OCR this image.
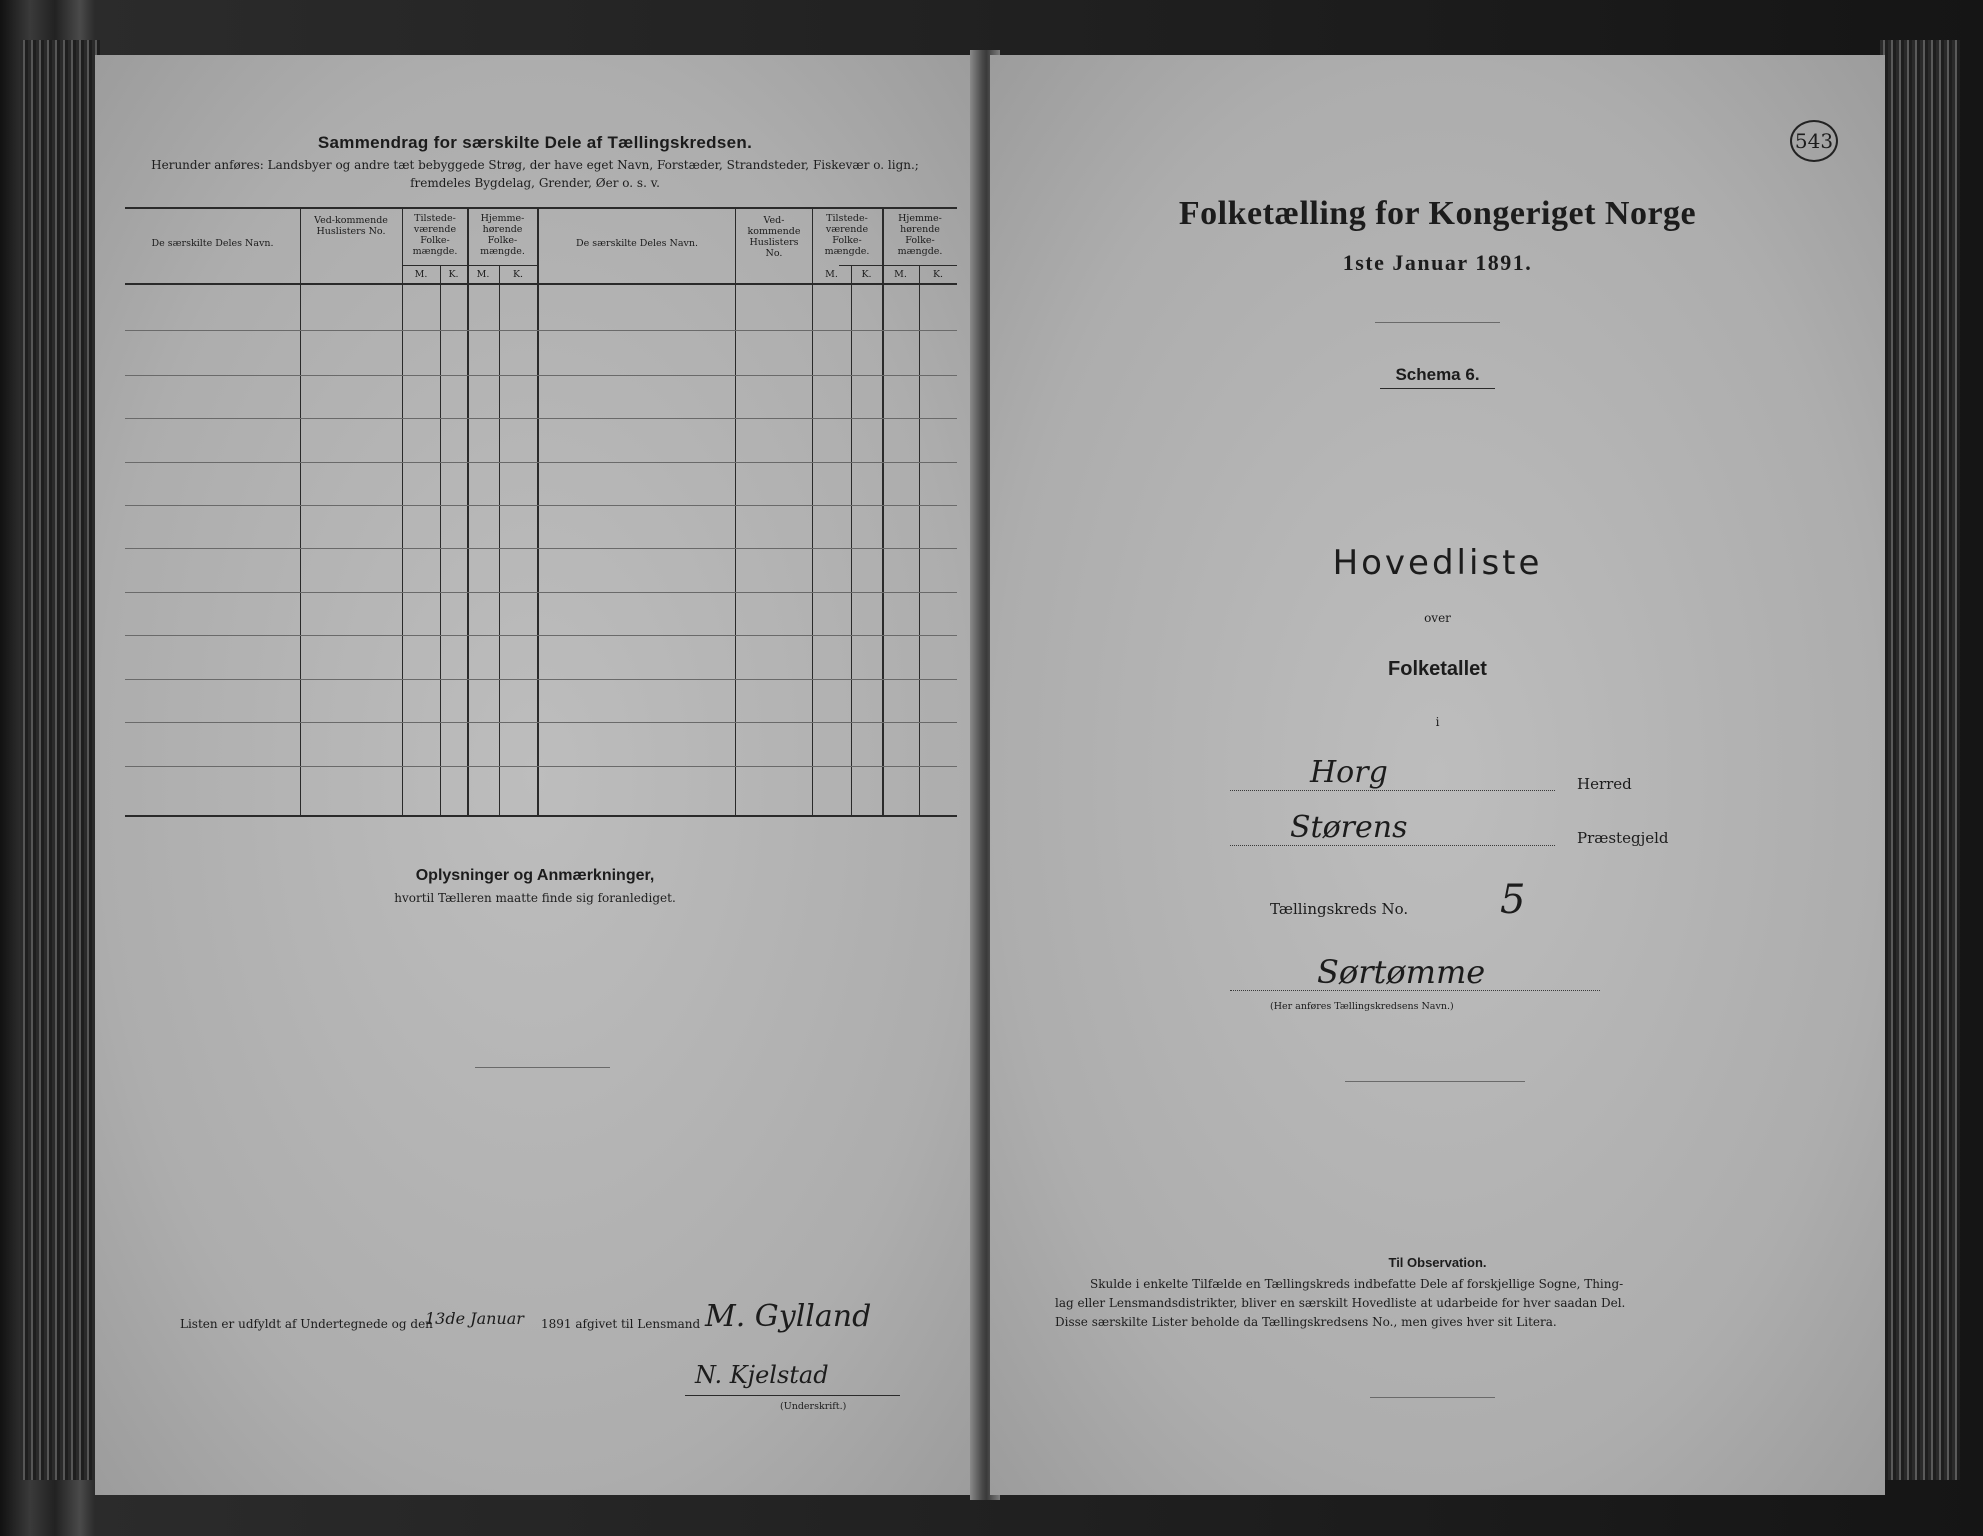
Sammendrag for særskilte Dele af Tællingskredsen.
Herunder anføres: Landsbyer og andre tæt bebyggede Strøg, der have eget Navn, Forstæder, Strandsteder, Fiskevær o. lign.;
fremdeles Bygdelag, Grender, Øer o. s. v.
De særskilte Deles Navn.
Ved-kommende Huslisters No.
Tilstede-værende Folke-mængde.
Hjemme-hørende Folke-mængde.
M.	K.	M.	K.
De særskilte Deles Navn.
Ved-kommende Huslisters No.
Tilstede-værende Folke-mængde.
Hjemme-hørende Folke-mængde.
M.	K.	M.	K.
Oplysninger og Anmærkninger,
hvortil Tælleren maatte finde sig foranlediget.
Listen er udfyldt af Undertegnede og den
13de Januar 1891 afgivet til Lensmand M. Gylland
N. Kjelstad
(Underskrift.)
543
Folketælling for Kongeriget Norge
1ste Januar 1891.
Schema 6.
Hovedliste
over
Folketallet
i
Horg	Herred
Størens	Præstegjeld
Tællingskreds No. 5
Sørtømme
(Her anføres Tællingskredsens Navn.)
Til Observation.
Skulde i enkelte Tilfælde en Tællingskreds indbefatte Dele af forskjellige Sogne, Thing-
lag eller Lensmandsdistrikter, bliver en særskilt Hovedliste at udarbeide for hver saadan Del.
Disse særskilte Lister beholde da Tællingskredsens No., men gives hver sit Litera.
